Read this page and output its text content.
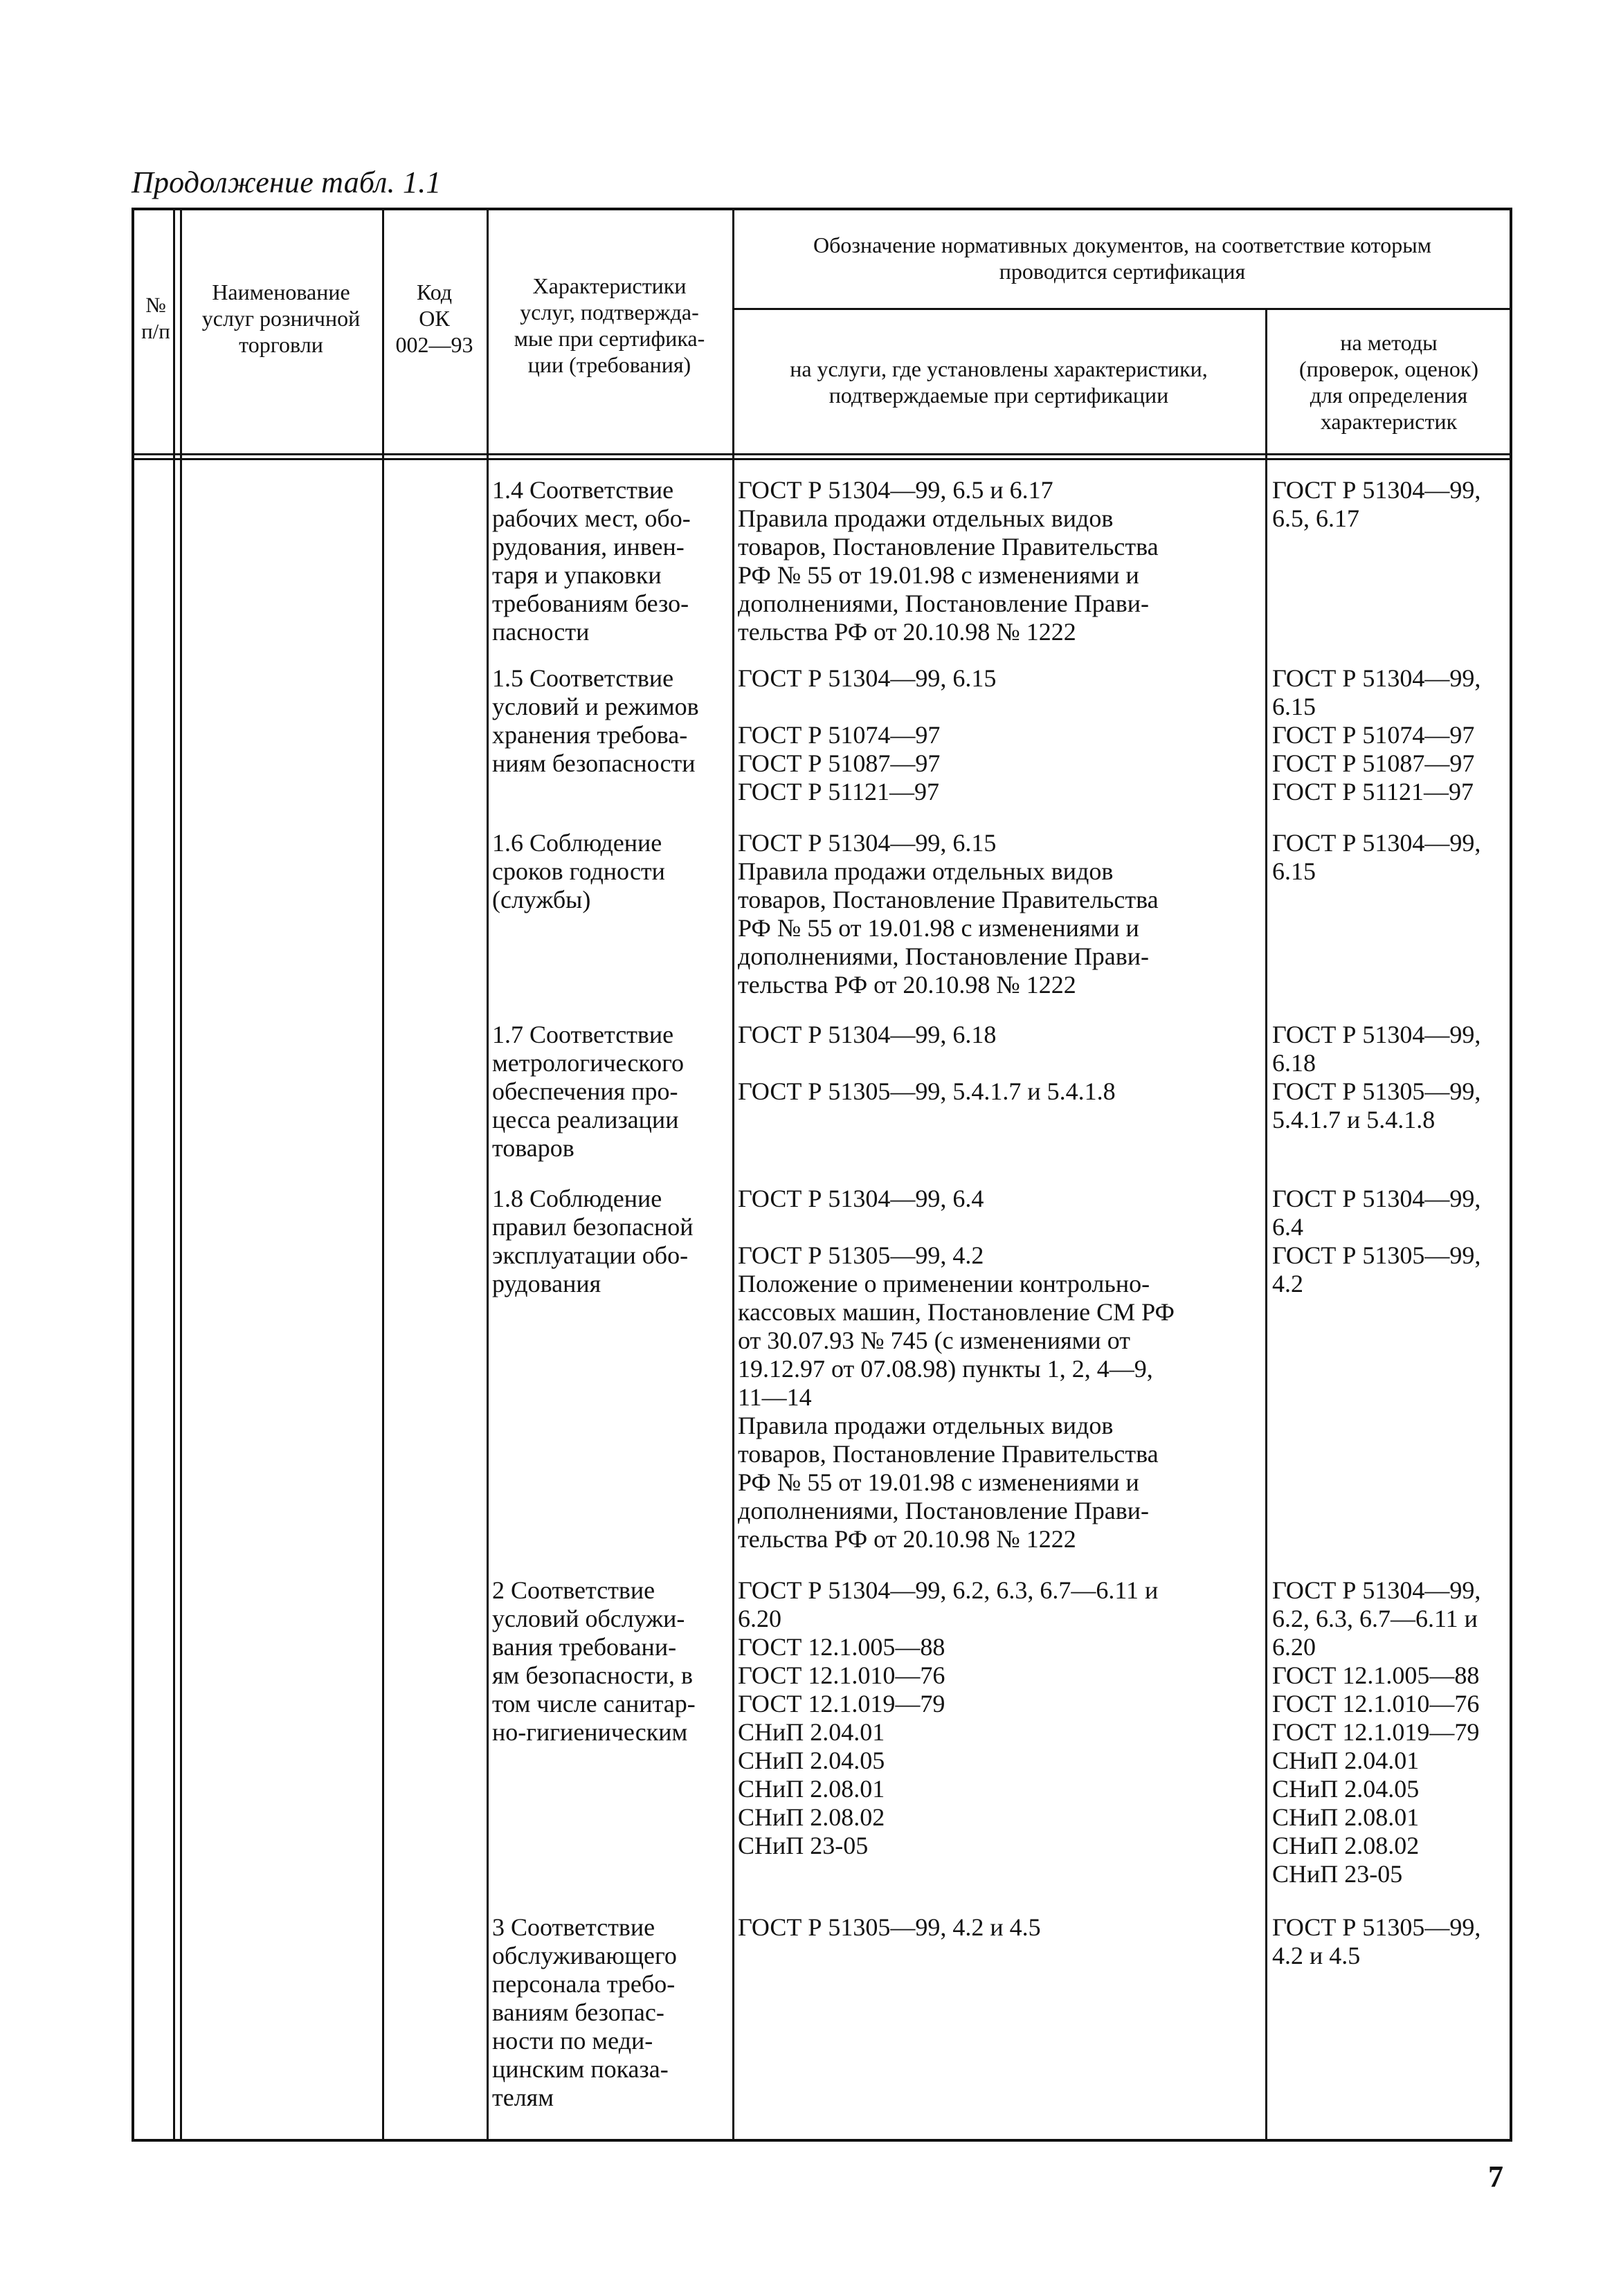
Продолжение табл. 1.1
№ п/п
Наименование
услуг розничной
торговли
Код
ОК
002—93
Характеристики
услуг, подтвержда-
мые при сертифика-
ции (требования)
Обозначение нормативных документов, на соответствие которым
проводится сертификация
на услуги, где установлены характеристики,
подтверждаемые при сертификации
на методы
(проверок, оценок)
для определения
характеристик
1.4 Соответствие
рабочих мест, обо-
рудования, инвен-
таря и упаковки
требованиям безо-
пасности
ГОСТ Р 51304—99, 6.5 и 6.17
Правила продажи отдельных видов
товаров, Постановление Правительства
РФ № 55 от 19.01.98 с изменениями и
дополнениями, Постановление Прави-
тельства РФ от 20.10.98 № 1222
ГОСТ Р 51304—99,
6.5, 6.17
1.5 Соответствие
условий и режимов
хранения требова-
ниям безопасности
ГОСТ Р 51304—99, 6.15

ГОСТ Р 51074—97
ГОСТ Р 51087—97
ГОСТ Р 51121—97
ГОСТ Р 51304—99,
6.15
ГОСТ Р 51074—97
ГОСТ Р 51087—97
ГОСТ Р 51121—97
1.6 Соблюдение
сроков годности
(службы)
ГОСТ Р 51304—99, 6.15
Правила продажи отдельных видов
товаров, Постановление Правительства
РФ № 55 от 19.01.98 с изменениями и
дополнениями, Постановление Прави-
тельства РФ от 20.10.98 № 1222
ГОСТ Р 51304—99,
6.15
1.7 Соответствие
метрологического
обеспечения про-
цесса реализации
товаров
ГОСТ Р 51304—99, 6.18

ГОСТ Р 51305—99, 5.4.1.7 и 5.4.1.8
ГОСТ Р 51304—99,
6.18
ГОСТ Р 51305—99,
5.4.1.7 и 5.4.1.8
1.8 Соблюдение
правил безопасной
эксплуатации обо-
рудования
ГОСТ Р 51304—99, 6.4

ГОСТ Р 51305—99, 4.2
Положение о применении контрольно-
кассовых машин, Постановление СМ РФ
от 30.07.93 № 745 (с изменениями от
19.12.97 от 07.08.98) пункты 1, 2, 4—9,
11—14
Правила продажи отдельных видов
товаров, Постановление Правительства
РФ № 55 от 19.01.98 с изменениями и
дополнениями, Постановление Прави-
тельства РФ от 20.10.98 № 1222
ГОСТ Р 51304—99,
6.4
ГОСТ Р 51305—99,
4.2
2 Соответствие
условий обслужи-
вания требовани-
ям безопасности, в
том числе санитар-
но-гигиеническим
ГОСТ Р 51304—99, 6.2, 6.3, 6.7—6.11 и
6.20
ГОСТ 12.1.005—88
ГОСТ 12.1.010—76
ГОСТ 12.1.019—79
СНиП 2.04.01
СНиП 2.04.05
СНиП 2.08.01
СНиП 2.08.02
СНиП 23-05
ГОСТ Р 51304—99,
6.2, 6.3, 6.7—6.11 и
6.20
ГОСТ 12.1.005—88
ГОСТ 12.1.010—76
ГОСТ 12.1.019—79
СНиП 2.04.01
СНиП 2.04.05
СНиП 2.08.01
СНиП 2.08.02
СНиП 23-05
3 Соответствие
обслуживающего
персонала требо-
ваниям безопас-
ности по меди-
цинским показа-
телям
ГОСТ Р 51305—99, 4.2 и 4.5	ГОСТ Р 51305—99,
4.2 и 4.5
7
